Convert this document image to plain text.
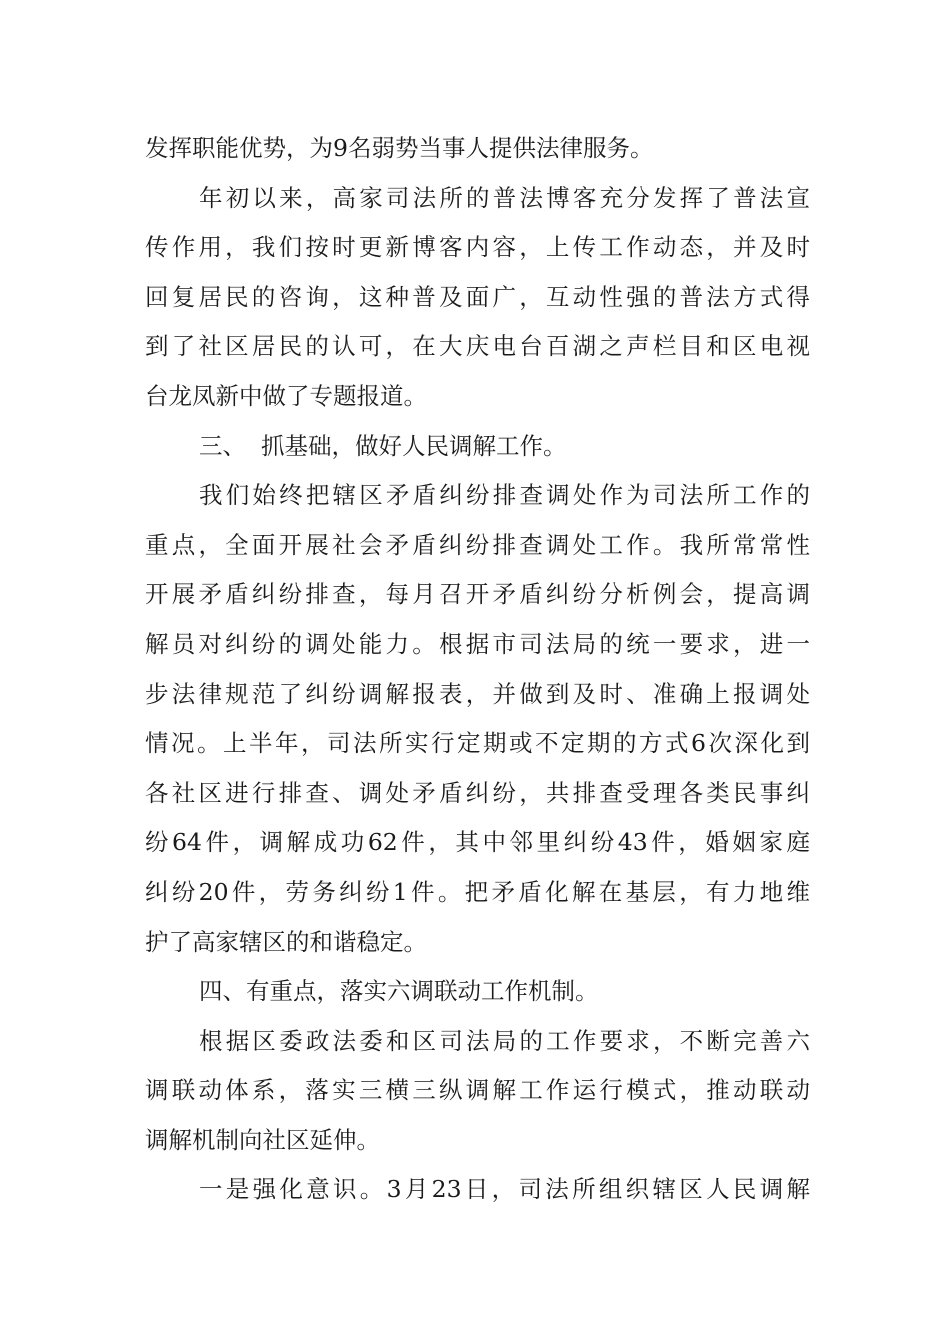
发挥职能优势，为9名弱势当事人提供法律服务。
年初以来，高家司法所的普法博客充分发挥了普法宣
传作用，我们按时更新博客内容，上传工作动态，并及时
回复居民的咨询，这种普及面广，互动性强的普法方式得
到了社区居民的认可，在大庆电台百湖之声栏目和区电视
台龙凤新中做了专题报道。
三、  抓基础，做好人民调解工作。
我们始终把辖区矛盾纠纷排查调处作为司法所工作的
重点，全面开展社会矛盾纠纷排查调处工作。我所常常性
开展矛盾纠纷排查，每月召开矛盾纠纷分析例会，提高调
解员对纠纷的调处能力。根据市司法局的统一要求，进一
步法律规范了纠纷调解报表，并做到及时、准确上报调处
情况。上半年，司法所实行定期或不定期的方式6次深化到
各社区进行排查、调处矛盾纠纷，共排查受理各类民事纠
纷64件，调解成功62件，其中邻里纠纷43件，婚姻家庭
纠纷20件，劳务纠纷1件。把矛盾化解在基层，有力地维
护了高家辖区的和谐稳定。
四、有重点，落实六调联动工作机制。
根据区委政法委和区司法局的工作要求，不断完善六
调联动体系，落实三横三纵调解工作运行模式，推动联动
调解机制向社区延伸。
一是强化意识。3月23日，司法所组织辖区人民调解
